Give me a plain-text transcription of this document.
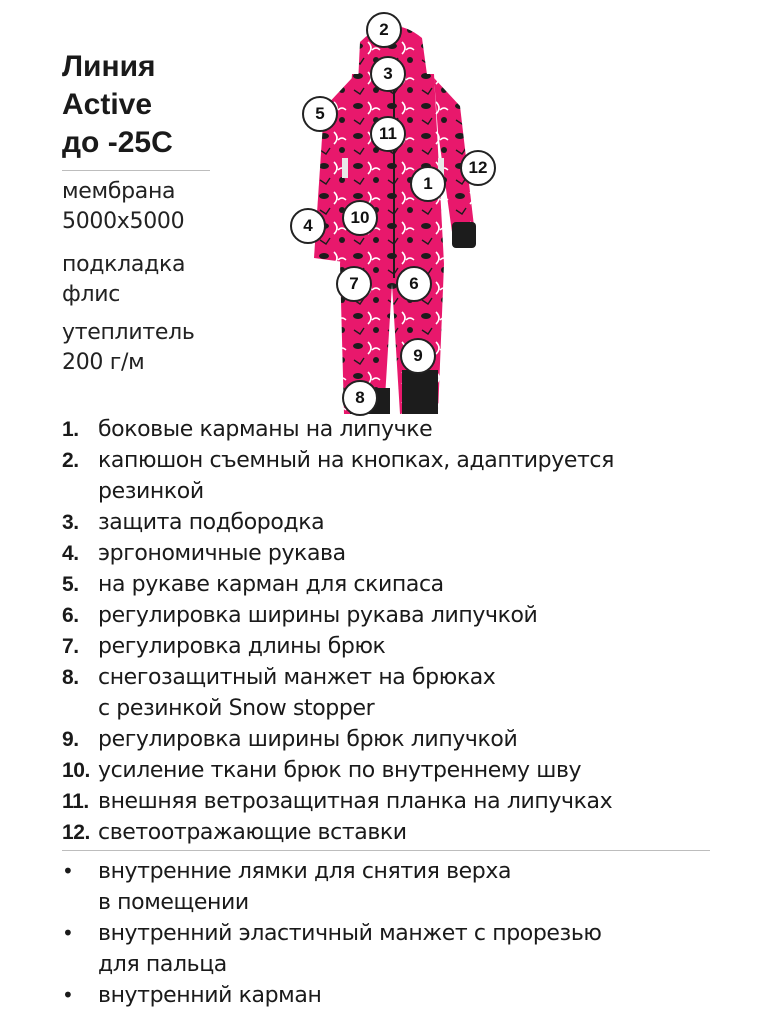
Линия
Active
до -25С
мембрана
5000х5000
подкладка
флис
утеплитель
200 г/м
2
3
5
11
12
1
4	10
7	6
9
8
1. боковые карманы на липучке
2. капюшон съемный на кнопках, адаптируется
резинкой
3. защита подбородка
4. эргономичные рукава
5. на рукаве карман для скипаса
6. регулировка ширины рукава липучкой
7. регулировка длины брюк
8. снегозащитный манжет на брюках
с резинкой Snow stopper
9. регулировка ширины брюк липучкой
10. усиление ткани брюк по внутреннему шву
11. внешняя ветрозащитная планка на липучках
12. светоотражающие вставки
•	внутренние лямки для снятия верха
в помещении
•	внутренний эластичный манжет с прорезью
для пальца
•	внутренний карман
